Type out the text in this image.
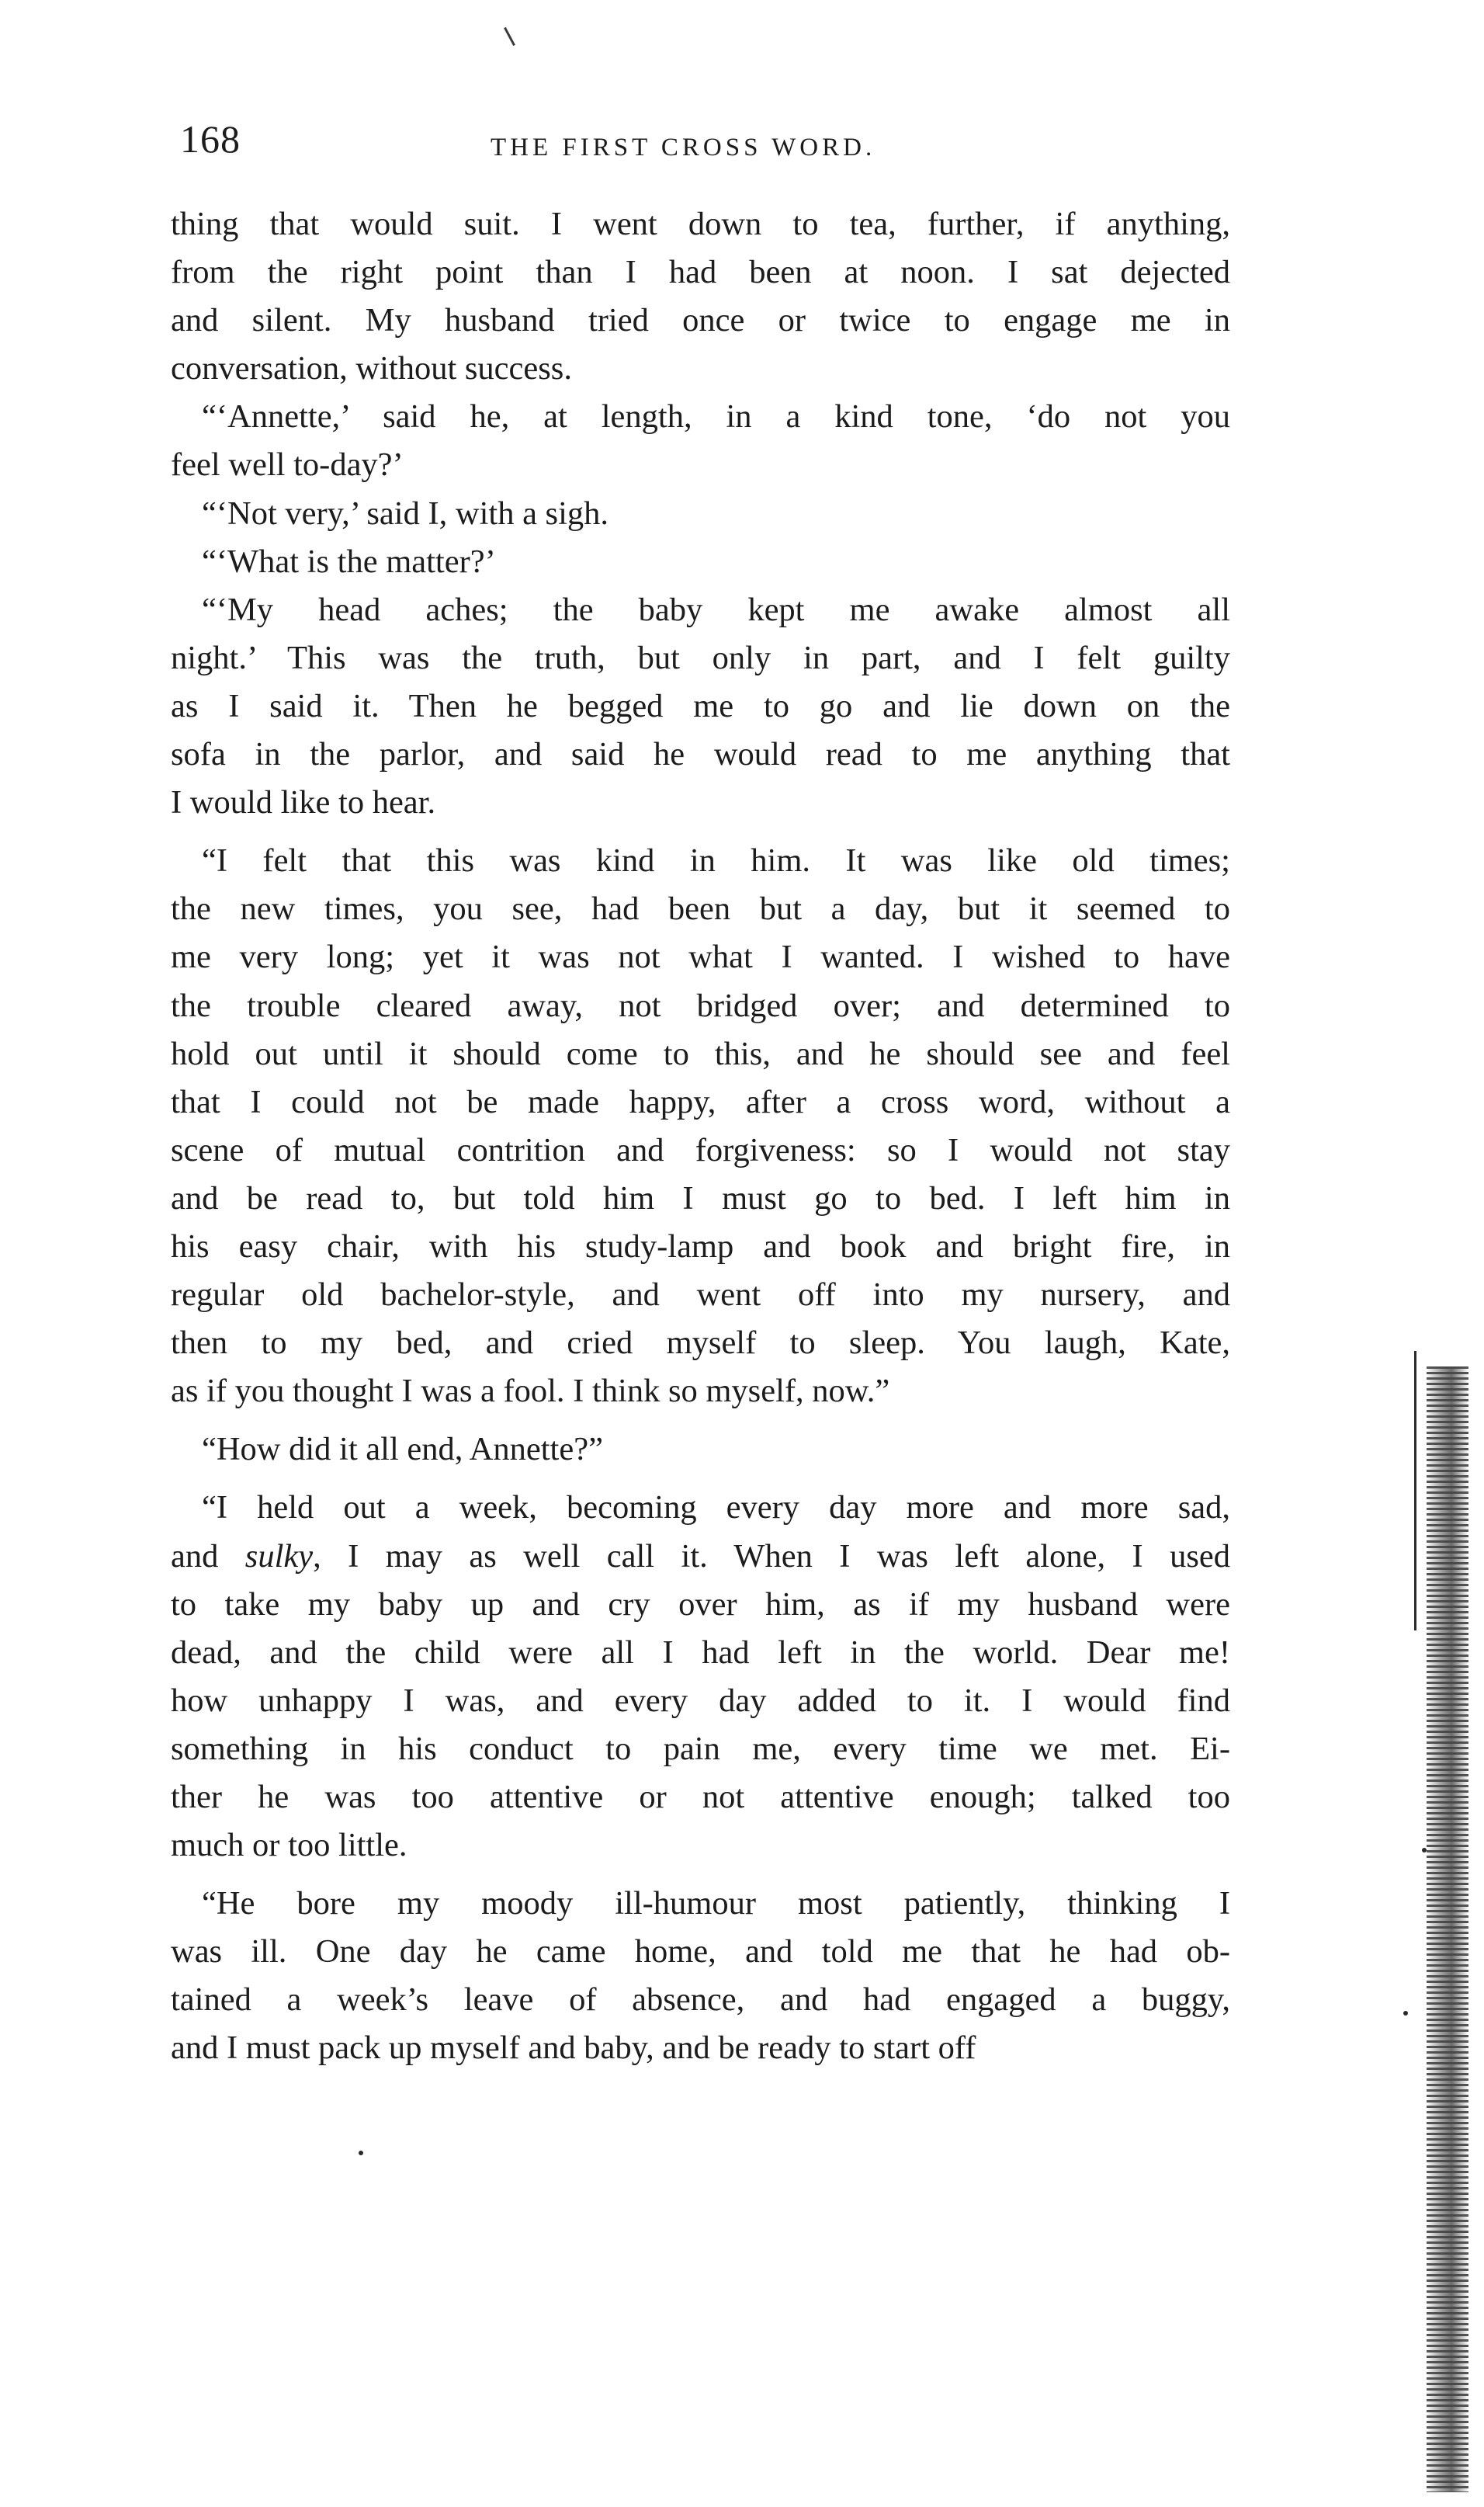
168	THE FIRST CROSS WORD.
thing that would suit. I went down to tea, further, if anything,
from the right point than I had been at noon. I sat dejected
and silent. My husband tried once or twice to engage me in
conversation, without success.
“‘Annette,’ said he, at length, in a kind tone, ‘do not you
feel well to-day?’
“‘Not very,’ said I, with a sigh.
“‘What is the matter?’
“‘My head aches; the baby kept me awake almost all
night.’ This was the truth, but only in part, and I felt guilty
as I said it. Then he begged me to go and lie down on the
sofa in the parlor, and said he would read to me anything that
I would like to hear.
“I felt that this was kind in him. It was like old times;
the new times, you see, had been but a day, but it seemed to
me very long; yet it was not what I wanted. I wished to have
the trouble cleared away, not bridged over; and determined to
hold out until it should come to this, and he should see and feel
that I could not be made happy, after a cross word, without a
scene of mutual contrition and forgiveness: so I would not stay
and be read to, but told him I must go to bed. I left him in
his easy chair, with his study-lamp and book and bright fire, in
regular old bachelor-style, and went off into my nursery, and
then to my bed, and cried myself to sleep. You laugh, Kate,
as if you thought I was a fool. I think so myself, now.”
“How did it all end, Annette?”
“I held out a week, becoming every day more and more sad,
and sulky, I may as well call it. When I was left alone, I used
to take my baby up and cry over him, as if my husband were
dead, and the child were all I had left in the world. Dear me!
how unhappy I was, and every day added to it. I would find
something in his conduct to pain me, every time we met. Ei-
ther he was too attentive or not attentive enough; talked too
much or too little.
“He bore my moody ill-humour most patiently, thinking I
was ill. One day he came home, and told me that he had ob-
tained a week’s leave of absence, and had engaged a buggy,
and I must pack up myself and baby, and be ready to start off
